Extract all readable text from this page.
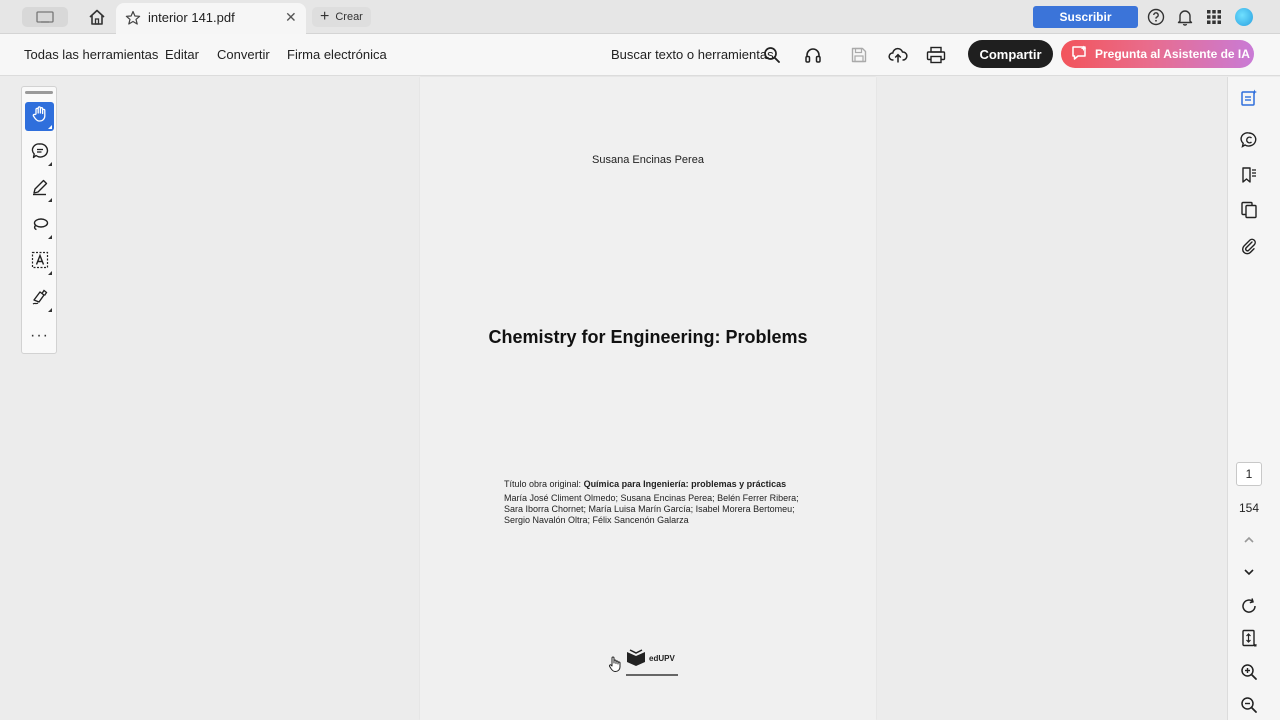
interior 141.pdf	✕ + Crear	Suscribir
Todas las herramientas Editar Convertir Firma electrónica	Buscar texto o herramientas	Compartir	Pregunta al Asistente de IA
···
Susana Encinas Perea
Chemistry for Engineering: Problems
Título obra original: Química para Ingeniería: problemas y prácticas
María José Climent Olmedo; Susana Encinas Perea; Belén Ferrer Ribera; Sara Iborra Chornet; María Luisa Marín García; Isabel Morera Bertomeu; Sergio Navalón Oltra; Félix Sancenón Galarza
edUPV
1
154
